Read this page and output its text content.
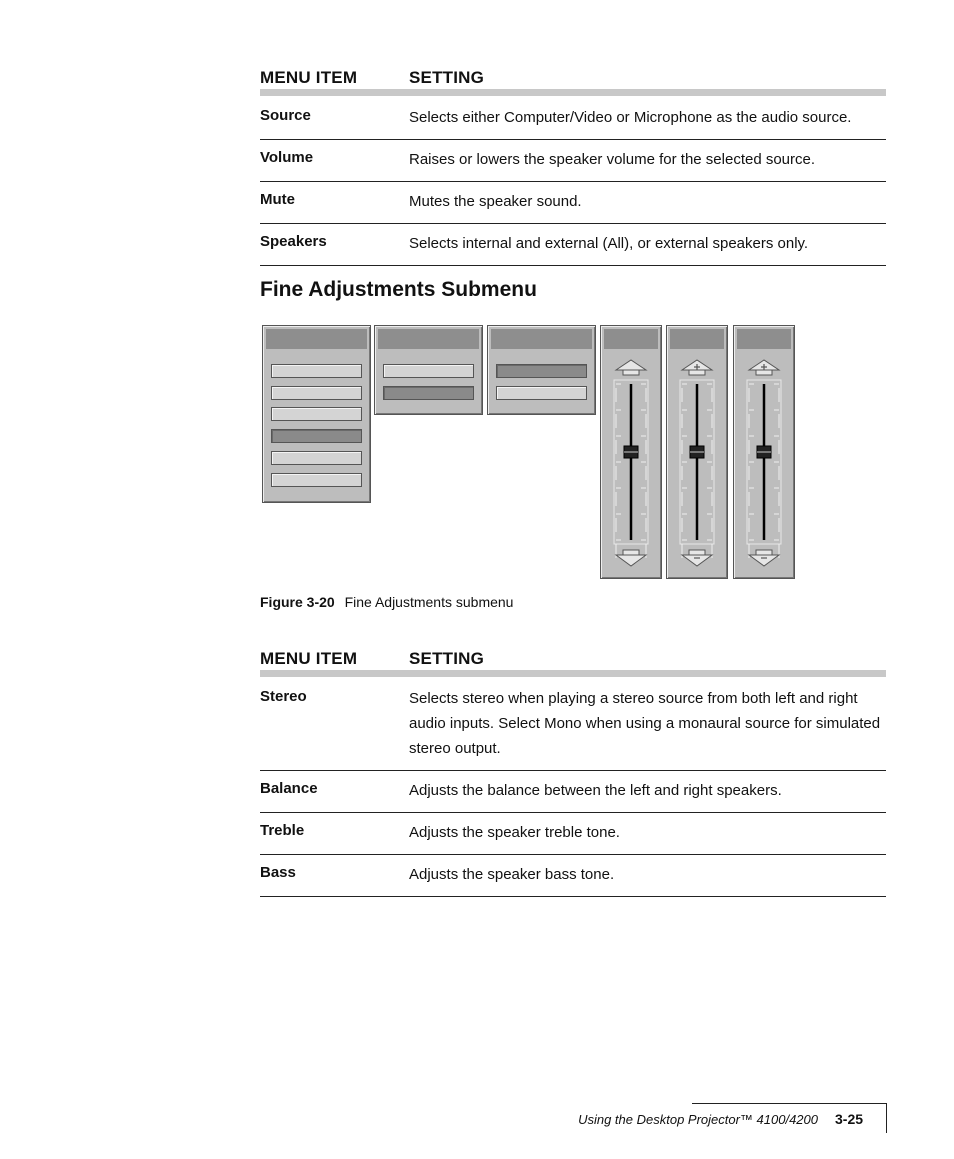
MENU ITEM	SETTING
Source	Selects either Computer/Video or Microphone as the audio source.
Volume	Raises or lowers the speaker volume for the selected source.
Mute	Mutes the speaker sound.
Speakers	Selects internal and external (All), or external speakers only.
Fine Adjustments Submenu
Figure 3-20 Fine Adjustments submenu
MENU ITEM	SETTING
Stereo	Selects stereo when playing a stereo source from both left and right audio inputs. Select Mono when using a monaural source for simulated stereo output.
Balance	Adjusts the balance between the left and right speakers.
Treble	Adjusts the speaker treble tone.
Bass	Adjusts the speaker bass tone.
Using the Desktop Projector™ 4100/4200 3-25
